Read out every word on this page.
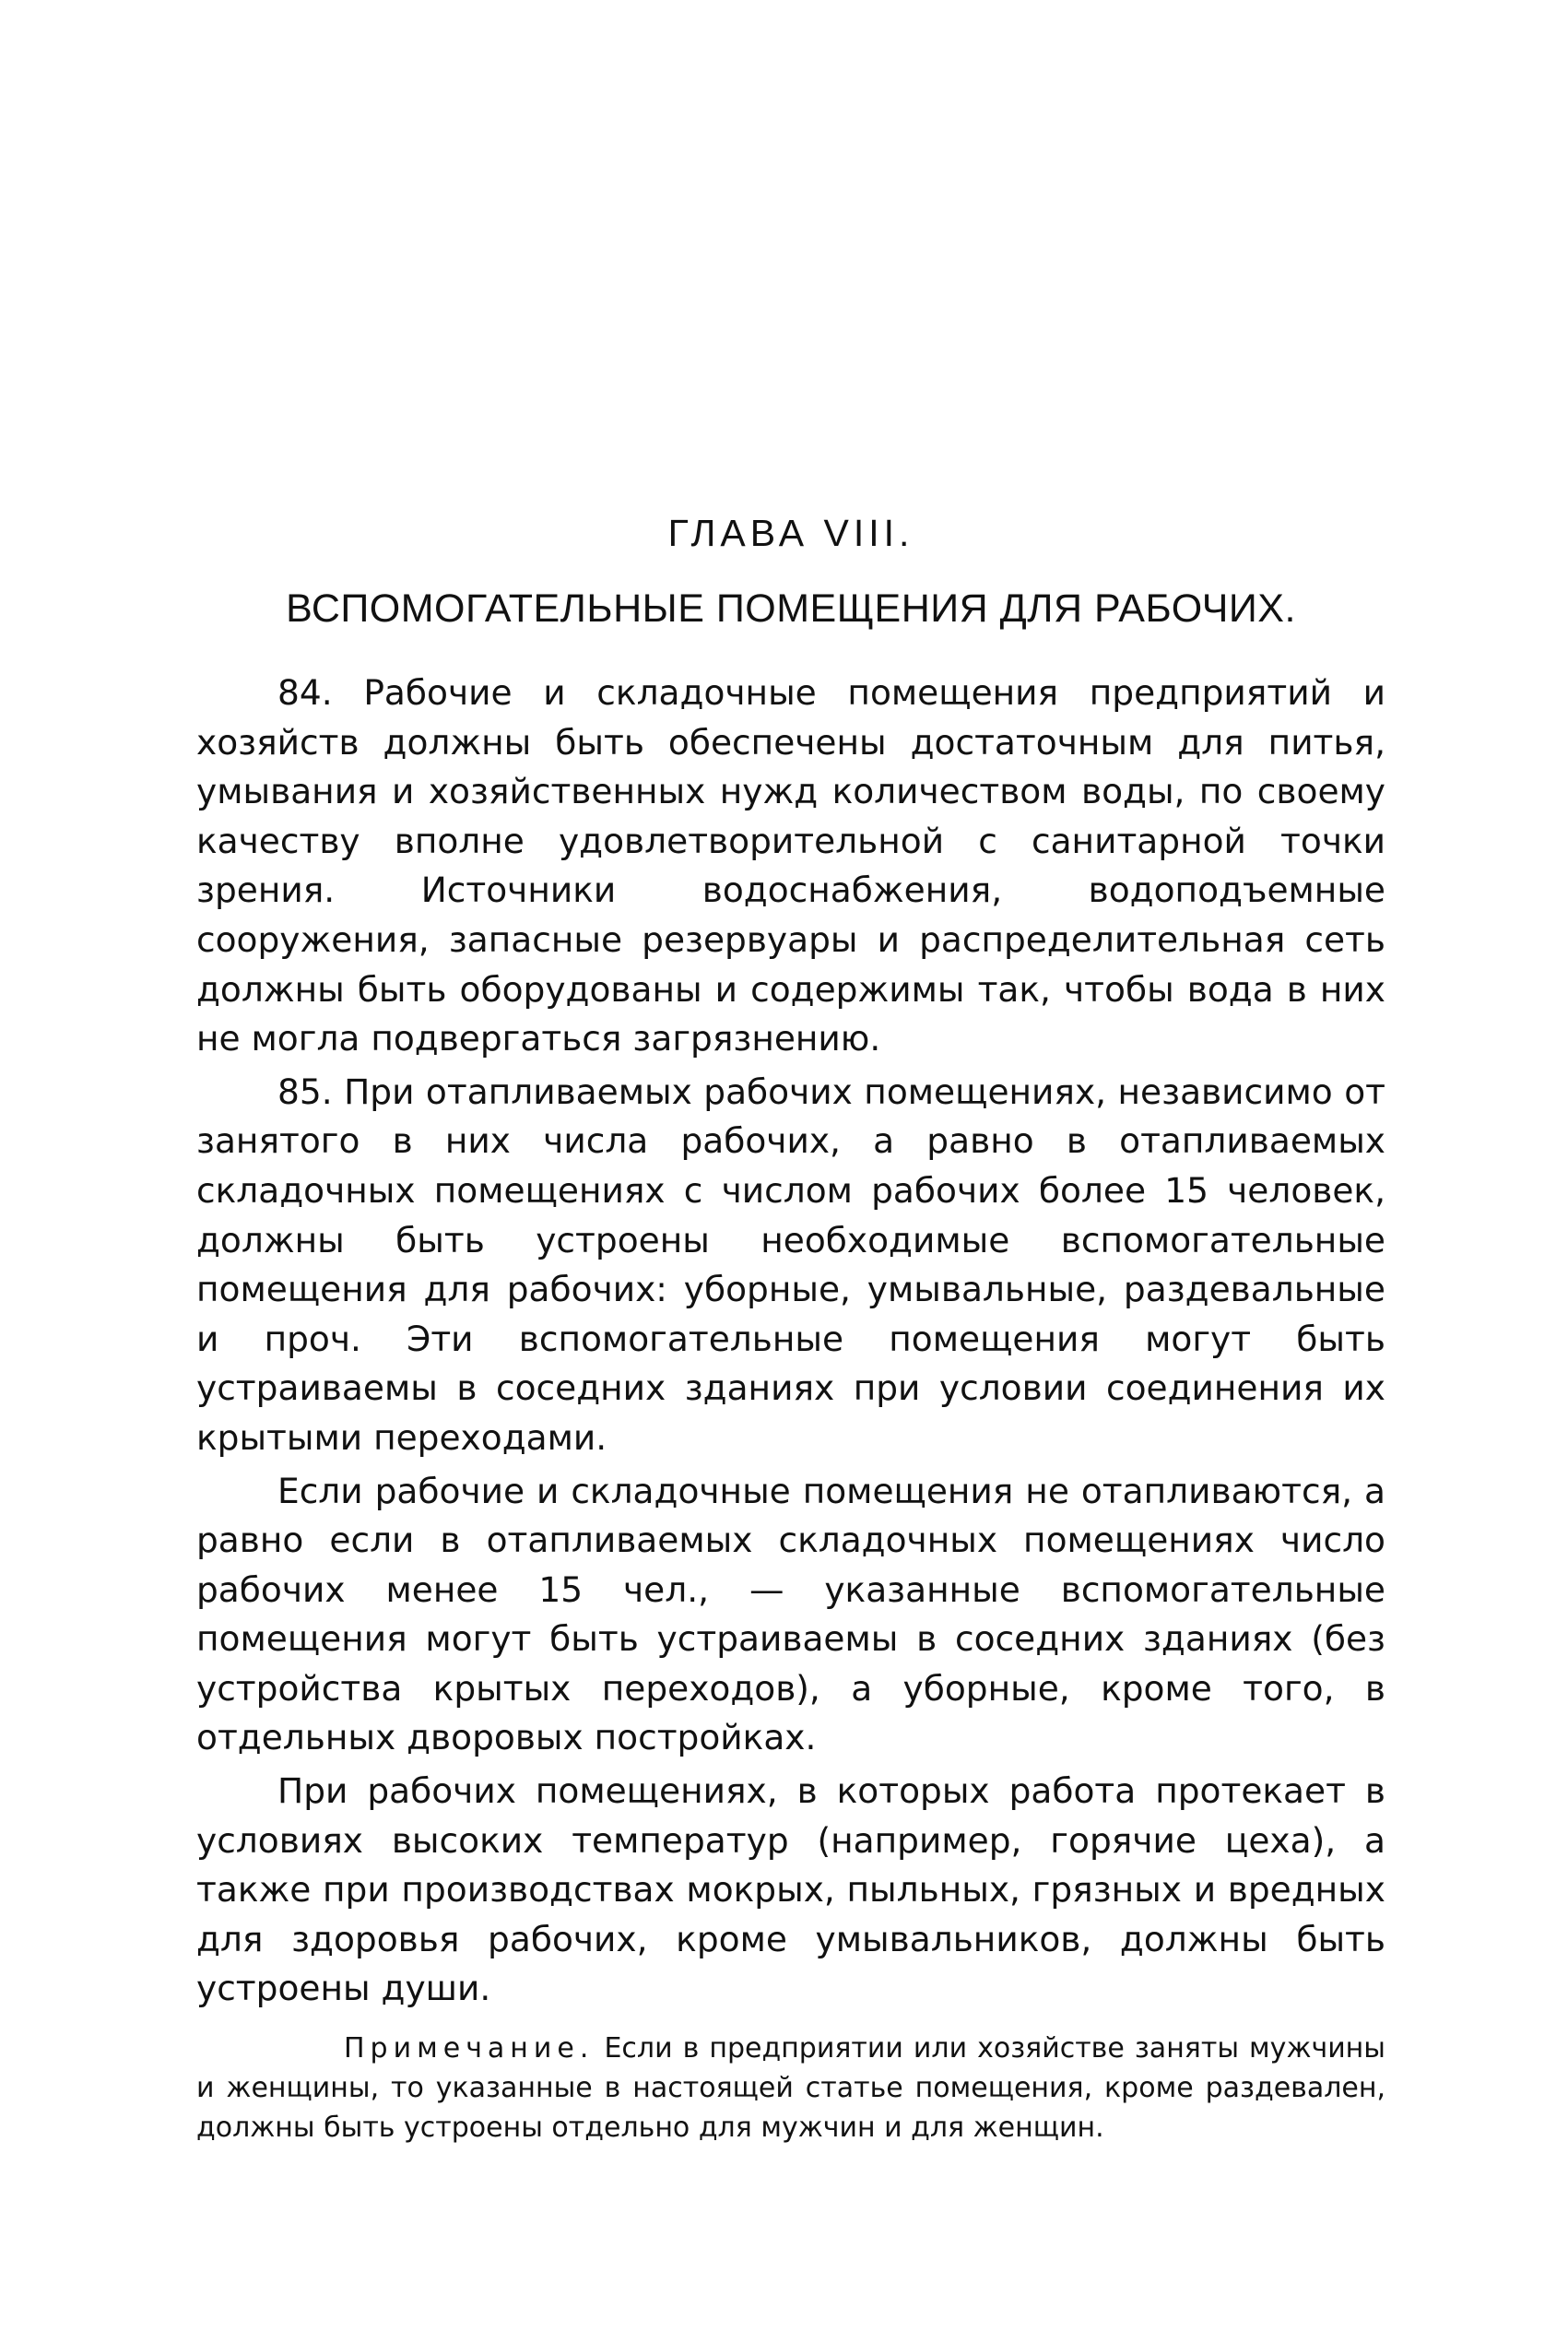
ГЛАВА VIII.
ВСПОМОГАТЕЛЬНЫЕ ПОМЕЩЕНИЯ ДЛЯ РАБОЧИХ.

84. Рабочие и складочные помещения предприятий и хозяйств должны быть обеспечены достаточным для питья, умывания и хозяйственных нужд количеством воды, по своему качеству вполне удовлетворительной с санитарной точки зрения. Источники водоснабжения, водоподъемные сооружения, запасные резервуары и распределительная сеть должны быть оборудованы и содержимы так, чтобы вода в них не могла подвергаться загрязнению.

85. При отапливаемых рабочих помещениях, независимо от занятого в них числа рабочих, а равно в отапливаемых складочных помещениях с числом рабочих более 15 человек, должны быть устроены необходимые вспомогательные помещения для рабочих: уборные, умывальные, раздевальные и проч. Эти вспомогательные помещения могут быть устраиваемы в соседних зданиях при условии соединения их крытыми переходами.

Если рабочие и складочные помещения не отапливаются, а равно если в отапливаемых складочных помещениях число рабочих менее 15 чел., — указанные вспомогательные помещения могут быть устраиваемы в соседних зданиях (без устройства крытых переходов), а уборные, кроме того, в отдельных дворовых постройках.

При рабочих помещениях, в которых работа протекает в условиях высоких температур (например, горячие цеха), а также при производствах мокрых, пыльных, грязных и вредных для здоровья рабочих, кроме умывальников, должны быть устроены души.

Примечание. Если в предприятии или хозяйстве заняты мужчины и женщины, то указанные в настоящей статье помещения, кроме раздевален, должны быть устроены отдельно для мужчин и для женщин.
